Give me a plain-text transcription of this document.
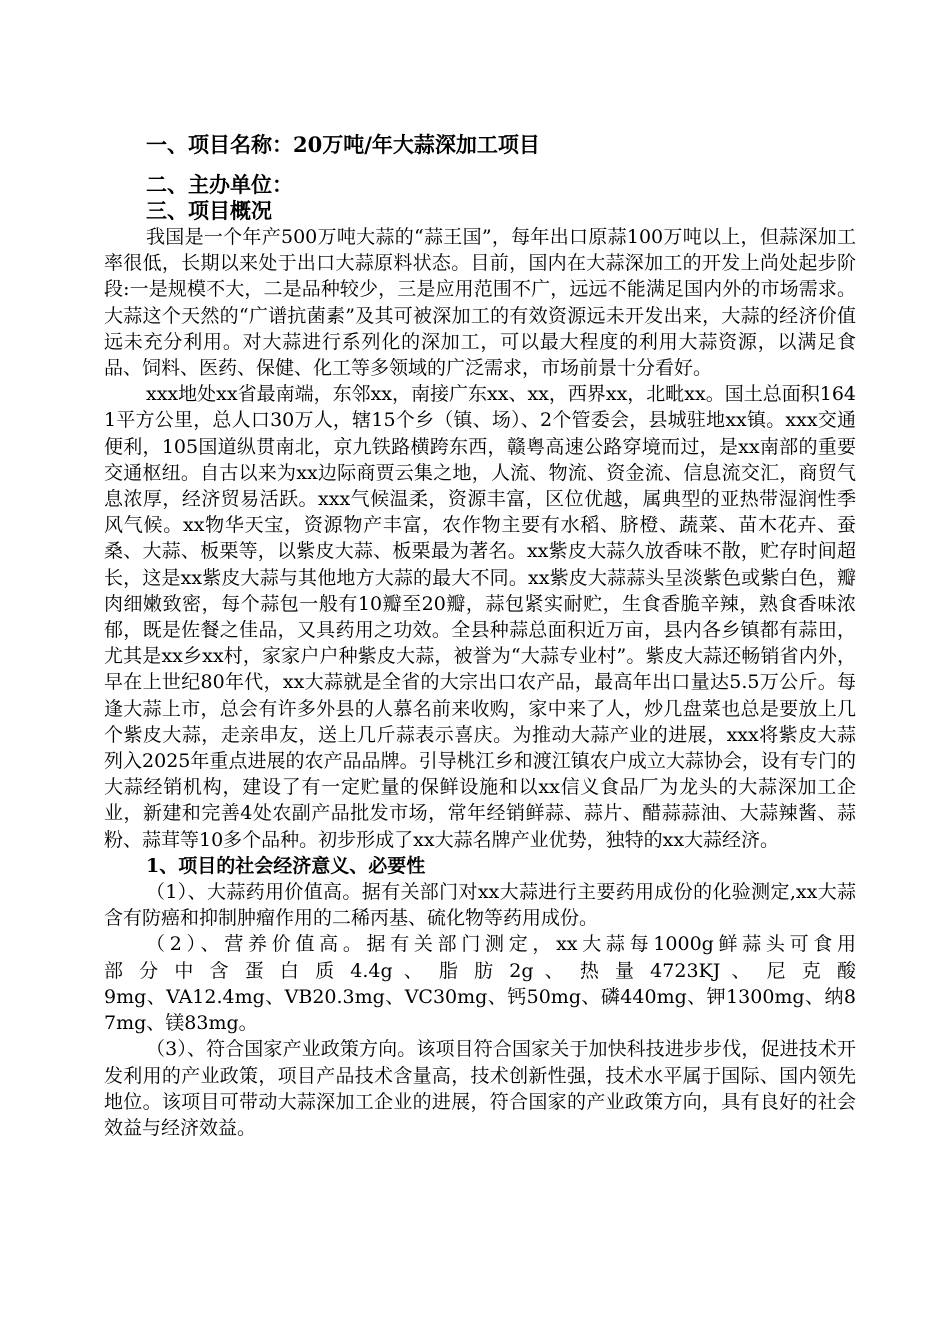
一、项目名称：20万吨/年大蒜深加工项目

二、主办单位：

三、项目概况

我国是一个年产500万吨大蒜的“蒜王国”，每年出口原蒜100万吨以上，但蒜深加工率很低，长期以来处于出口大蒜原料状态。目前，国内在大蒜深加工的开发上尚处起步阶段:一是规模不大，二是品种较少，三是应用范围不广，远远不能满足国内外的市场需求。大蒜这个天然的“广谱抗菌素”及其可被深加工的有效资源远未开发出来，大蒜的经济价值远未充分利用。对大蒜进行系列化的深加工，可以最大程度的利用大蒜资源，以满足食品、饲料、医药、保健、化工等多领域的广泛需求，市场前景十分看好。

xxx地处xx省最南端，东邻xx，南接广东xx、xx，西界xx，北毗xx。国土总面积1641平方公里，总人口30万人，辖15个乡（镇、场）、2个管委会，县城驻地xx镇。xxx交通便利，105国道纵贯南北，京九铁路横跨东西，赣粤高速公路穿境而过，是xx南部的重要交通枢纽。自古以来为xx边际商贾云集之地，人流、物流、资金流、信息流交汇，商贸气息浓厚，经济贸易活跃。xxx气候温柔，资源丰富，区位优越，属典型的亚热带湿润性季风气候。xx物华天宝，资源物产丰富，农作物主要有水稻、脐橙、蔬菜、苗木花卉、蚕桑、大蒜、板栗等，以紫皮大蒜、板栗最为著名。xx紫皮大蒜久放香味不散，贮存时间超长，这是xx紫皮大蒜与其他地方大蒜的最大不同。xx紫皮大蒜蒜头呈淡紫色或紫白色，瓣肉细嫩致密，每个蒜包一般有10瓣至20瓣，蒜包紧实耐贮，生食香脆辛辣，熟食香味浓郁，既是佐餐之佳品，又具药用之功效。全县种蒜总面积近万亩，县内各乡镇都有蒜田，尤其是xx乡xx村，家家户户种紫皮大蒜，被誉为“大蒜专业村”。紫皮大蒜还畅销省内外，早在上世纪80年代，xx大蒜就是全省的大宗出口农产品，最高年出口量达5.5万公斤。每逢大蒜上市，总会有许多外县的人慕名前来收购，家中来了人，炒几盘菜也总是要放上几个紫皮大蒜，走亲串友，送上几斤蒜表示喜庆。为推动大蒜产业的进展，xxx将紫皮大蒜列入2025年重点进展的农产品品牌。引导桃江乡和渡江镇农户成立大蒜协会，设有专门的大蒜经销机构，建设了有一定贮量的保鲜设施和以xx信义食品厂为龙头的大蒜深加工企业，新建和完善4处农副产品批发市场，常年经销鲜蒜、蒜片、醋蒜蒜油、大蒜辣酱、蒜粉、蒜茸等10多个品种。初步形成了xx大蒜名牌产业优势，独特的xx大蒜经济。

1、项目的社会经济意义、必要性

（1）、大蒜药用价值高。据有关部门对xx大蒜进行主要药用成份的化验测定,xx大蒜含有防癌和抑制肿瘤作用的二稀丙基、硫化物等药用成份。

（2）、营养价值高。据有关部门测定，xx大蒜每1000g鲜蒜头可食用

部 分 中 含 蛋 白 质 4.4g 、 脂 肪 2g 、 热 量 4723KJ 、 尼 克 酸

9mg、VA12.4mg、VB20.3mg、VC30mg、钙50mg、磷440mg、钾1300mg、纳87mg、镁83mg。

（3）、符合国家产业政策方向。该项目符合国家关于加快科技进步步伐，促进技术开发利用的产业政策，项目产品技术含量高，技术创新性强，技术水平属于国际、国内领先地位。该项目可带动大蒜深加工企业的进展，符合国家的产业政策方向，具有良好的社会效益与经济效益。
